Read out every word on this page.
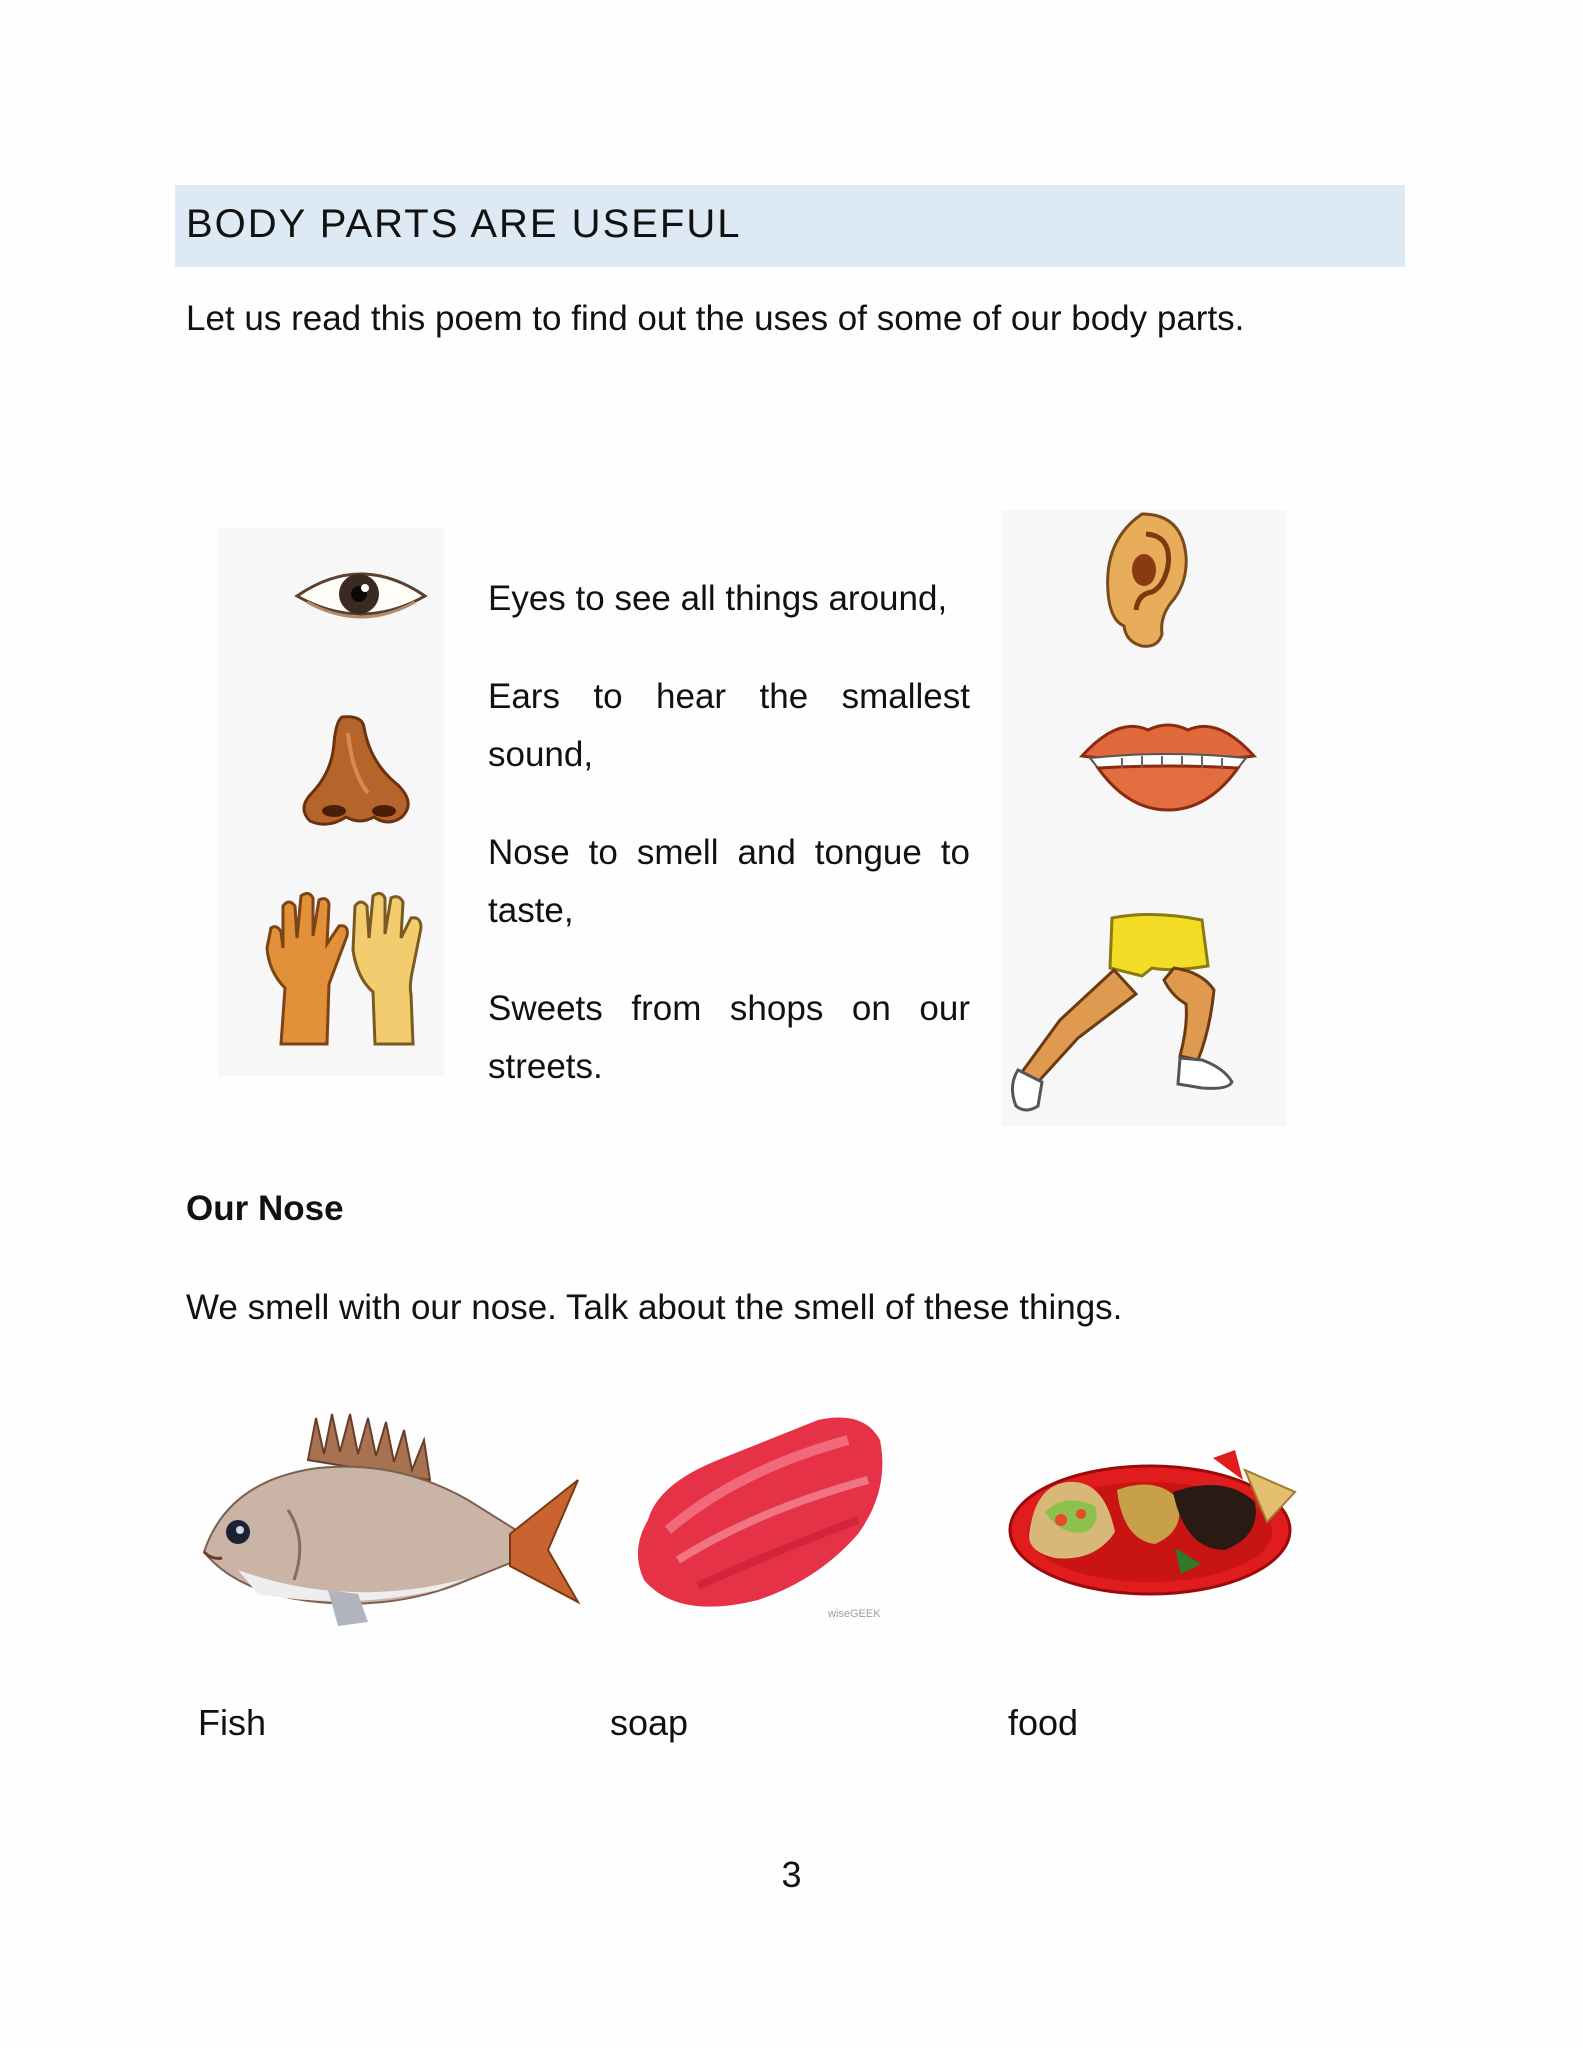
BODY PARTS ARE USEFUL
Let us read this poem to find out the uses of some of our body parts.

Eyes to see all things around,

Ears to hear the smallest sound,

Nose to smell and tongue to taste,

Sweets from shops on our streets.

Our Nose
We smell with our nose. Talk about the smell of these things.
Fish
wiseGEEK
soap	food
3
